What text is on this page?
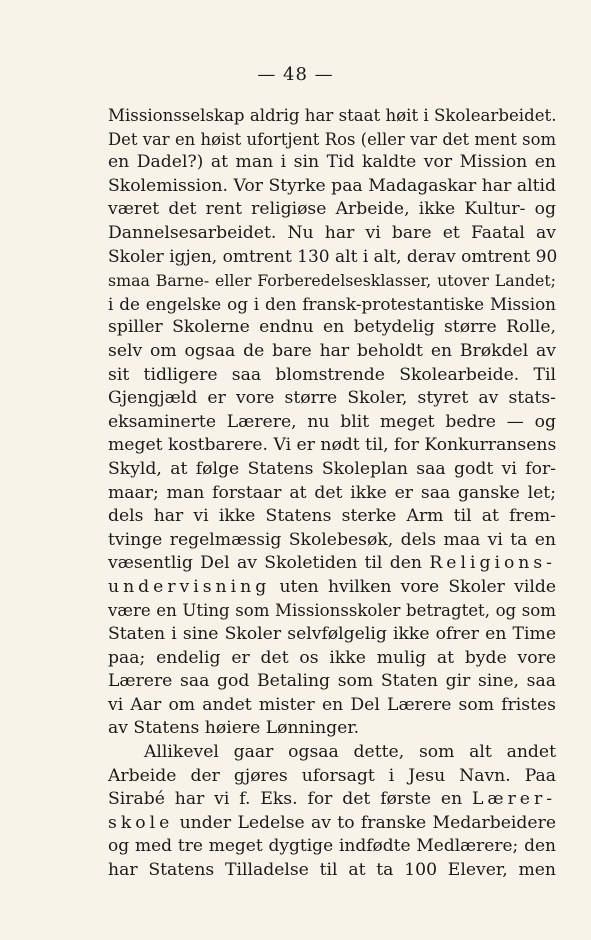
— 48 —
Missionsselskap aldrig har staat høit i Skolearbeidet.
Det var en høist ufortjent Ros (eller var det ment som
en Dadel?) at man i sin Tid kaldte vor Mission en
Skolemission. Vor Styrke paa Madagaskar har altid
været det rent religiøse Arbeide, ikke Kultur- og
Dannelsesarbeidet. Nu har vi bare et Faatal av
Skoler igjen, omtrent 130 alt i alt, derav omtrent 90
smaa Barne- eller Forberedelsesklasser, utover Landet;
i de engelske og i den fransk-protestantiske Mission
spiller Skolerne endnu en betydelig større Rolle,
selv om ogsaa de bare har beholdt en Brøkdel av
sit tidligere saa blomstrende Skolearbeide. Til
Gjengjæld er vore større Skoler, styret av stats-
eksaminerte Lærere, nu blit meget bedre — og
meget kostbarere. Vi er nødt til, for Konkurransens
Skyld, at følge Statens Skoleplan saa godt vi for-
maar; man forstaar at det ikke er saa ganske let;
dels har vi ikke Statens sterke Arm til at frem-
tvinge regelmæssig Skolebesøk, dels maa vi ta en
væsentlig Del av Skoletiden til den Religions-
undervisning uten hvilken vore Skoler vilde
være en Uting som Missionsskoler betragtet, og som
Staten i sine Skoler selvfølgelig ikke ofrer en Time
paa; endelig er det os ikke mulig at byde vore
Lærere saa god Betaling som Staten gir sine, saa
vi Aar om andet mister en Del Lærere som fristes
av Statens høiere Lønninger.
Allikevel gaar ogsaa dette, som alt andet
Arbeide der gjøres uforsagt i Jesu Navn. Paa
Sirabé har vi f. Eks. for det første en Lærer-
skole under Ledelse av to franske Medarbeidere
og med tre meget dygtige indfødte Medlærere; den
har Statens Tilladelse til at ta 100 Elever, men
